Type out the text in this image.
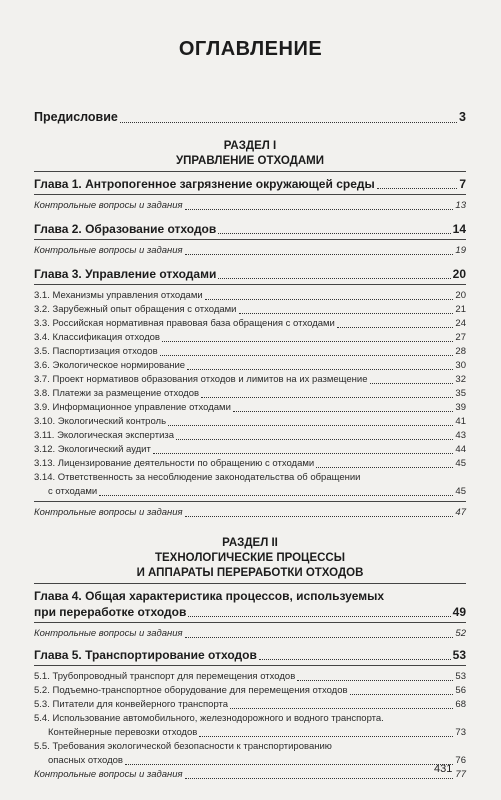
ОГЛАВЛЕНИЕ
Предисловие	3
РАЗДЕЛ I
УПРАВЛЕНИЕ ОТХОДАМИ
Глава 1. Антропогенное загрязнение окружающей среды	7
Контрольные вопросы и задания	13
Глава 2. Образование отходов	14
Контрольные вопросы и задания	19
Глава 3. Управление отходами	20
3.1. Механизмы управления отходами	20
3.2. Зарубежный опыт обращения с отходами	21
3.3. Российская нормативная правовая база обращения с отходами	24
3.4. Классификация отходов	27
3.5. Паспортизация отходов	28
3.6. Экологическое нормирование	30
3.7. Проект нормативов образования отходов и лимитов на их размещение	32
3.8. Платежи за размещение отходов	35
3.9. Информационное управление отходами	39
3.10. Экологический контроль	41
3.11. Экологическая экспертиза	43
3.12. Экологический аудит	44
3.13. Лицензирование деятельности по обращению с отходами	45
3.14. Ответственность за несоблюдение законодательства об обращении
с отходами	45
Контрольные вопросы и задания	47
РАЗДЕЛ II
ТЕХНОЛОГИЧЕСКИЕ ПРОЦЕССЫ
И АППАРАТЫ ПЕРЕРАБОТКИ ОТХОДОВ
Глава 4. Общая характеристика процессов, используемых
при переработке отходов	49
Контрольные вопросы и задания	52
Глава 5. Транспортирование отходов	53
5.1. Трубопроводный транспорт для перемещения отходов	53
5.2. Подъемно-транспортное оборудование для перемещения отходов	56
5.3. Питатели для конвейерного транспорта	68
5.4. Использование автомобильного, железнодорожного и водного транспорта.
Контейнерные перевозки отходов	73
5.5. Требования экологической безопасности к транспортированию
опасных отходов	76
Контрольные вопросы и задания	77
431
